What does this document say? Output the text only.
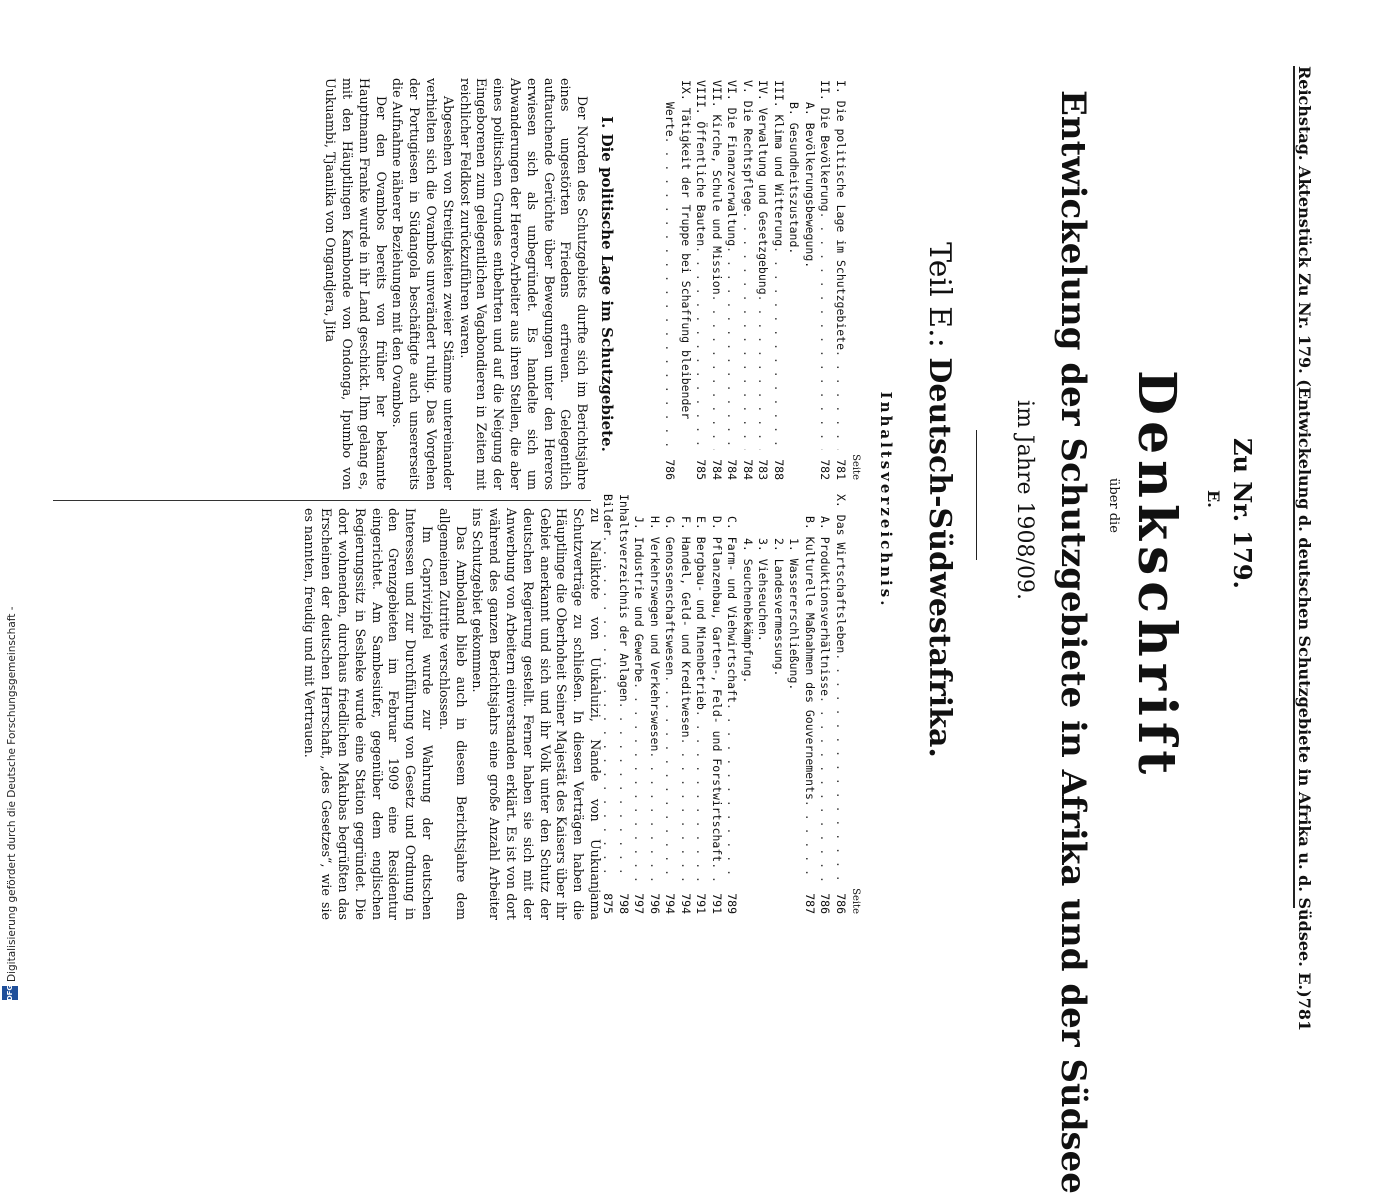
Reichstag. Aktenstück Zu Nr. 179. (Entwickelung d. deutschen Schutzgebiete in Afrika u. d. Südsee. E.)
781
Zu Nr. 179.
E.
Denkschrift
über die
Entwickelung der Schutzgebiete in Afrika und der Südsee
im Jahre 1908/09.
Teil E.: Deutsch-Südwestafrika.
Inhaltsverzeichnis.
Seite
I. Die politische Lage im Schutzgebiete
. . .
781
II. Die Bevölkerung
. . .
782
A. Bevölkerungsbewegung.
B. Gesundheitszustand.
III. Klima und Witterung
. . .
788
IV. Verwaltung und Gesetzgebung
. . .
783
V. Die Rechtspflege
. . .
784
VI. Die Finanzverwaltung
. . .
784
VII. Kirche, Schule und Mission
. . .
784
VIII. Öffentliche Bauten
. . .
785
IX. Tätigkeit der Truppe bei Schaffung bleibender
Werte
. . .
786
Seite
X. Das Wirtschaftsleben
. . .
786
A. Produktionsverhältnisse
. . .
786
B. Kulturelle Maßnahmen des Gouvernements
. . .
787
1. Wassererschließung.
2. Landesvermessung.
3. Viehseuchen.
4. Seuchenbekämpfung.
C. Farm- und Viehwirtschaft
. . .
789
D. Pflanzenbau, Garten-, Feld- und Forstwirtschaft
. . .
791
E. Bergbau- und Minenbetrieb
. . .
791
F. Handel, Geld- und Kreditwesen
. . .
794
G. Genossenschaftswesen
. . .
794
H. Verkehrswegen und Verkehrswesen
. . .
796
J. Industrie und Gewerbe
. . .
797
Inhaltsverzeichnis der Anlagen
. . .
798
Bilder
. . .
875
I. Die politische Lage im Schutzgebiete.

Der Norden des Schutzgebiets durfte sich im Berichtsjahre eines ungestörten Friedens erfreuen. Gelegentlich auftauchende Gerüchte über Bewegungen unter den Hereros erwiesen sich als unbegründet. Es handelte sich um Abwanderungen der Herero-Arbeiter aus ihren Stellen, die aber eines politischen Grundes entbehrten und auf die Neigung der Eingeborenen zum gelegentlichen Vagabondieren in Zeiten mit reichlicher Feldkost zurückzuführen waren.

Abgesehen von Streitigkeiten zweier Stämme untereinander verhielten sich die Ovambos unverändert ruhig. Das Vorgehen der Portugiesen in Südangola beschäftigte auch unsererseits die Aufnahme näherer Beziehungen mit den Ovambos.

Der den Ovambos bereits von früher her bekannte Hauptmann Franke wurde in ihr Land geschickt. Ihm gelang es, mit den Häuptlingen Kambonde von Ondonga, Ipumbo von Uukuambi, Tjaanika von Ongandjera, Jita

zu Naliktote von Uukaluizi, Nande von Uukuanjama Schutzverträge zu schließen. In diesen Verträgen haben die Häuptlinge die Oberhoheit Seiner Majestät des Kaisers über ihr Gebiet anerkannt und sich und ihr Volk unter den Schutz der deutschen Regierung gestellt. Ferner haben sie sich mit der Anwerbung von Arbeitern einverstanden erklärt. Es ist von dort während des ganzen Berichtsjahrs eine große Anzahl Arbeiter ins Schutzgebiet gekommen.

Das Amboland blieb auch in diesem Berichtsjahre dem allgemeinen Zutritte verschlossen.

Im Caprivizipfel wurde zur Wahrung der deutschen Interessen und zur Durchführung von Gesetz und Ordnung in den Grenzgebieten im Februar 1909 eine Residentur eingerichtet. Am Sambesiufer, gegenüber dem englischen Regierungssitz in Sesheke wurde eine Station gegründet. Die dort wohnenden, durchaus friedlichen Makubas begrüßten das Erscheinen der deutschen Herrschaft, „des Gesetzes“, wie sie es nannten, freudig und mit Vertrauen.

DFG
Digitalisierung gefördert durch die Deutsche Forschungsgemeinschaft -
